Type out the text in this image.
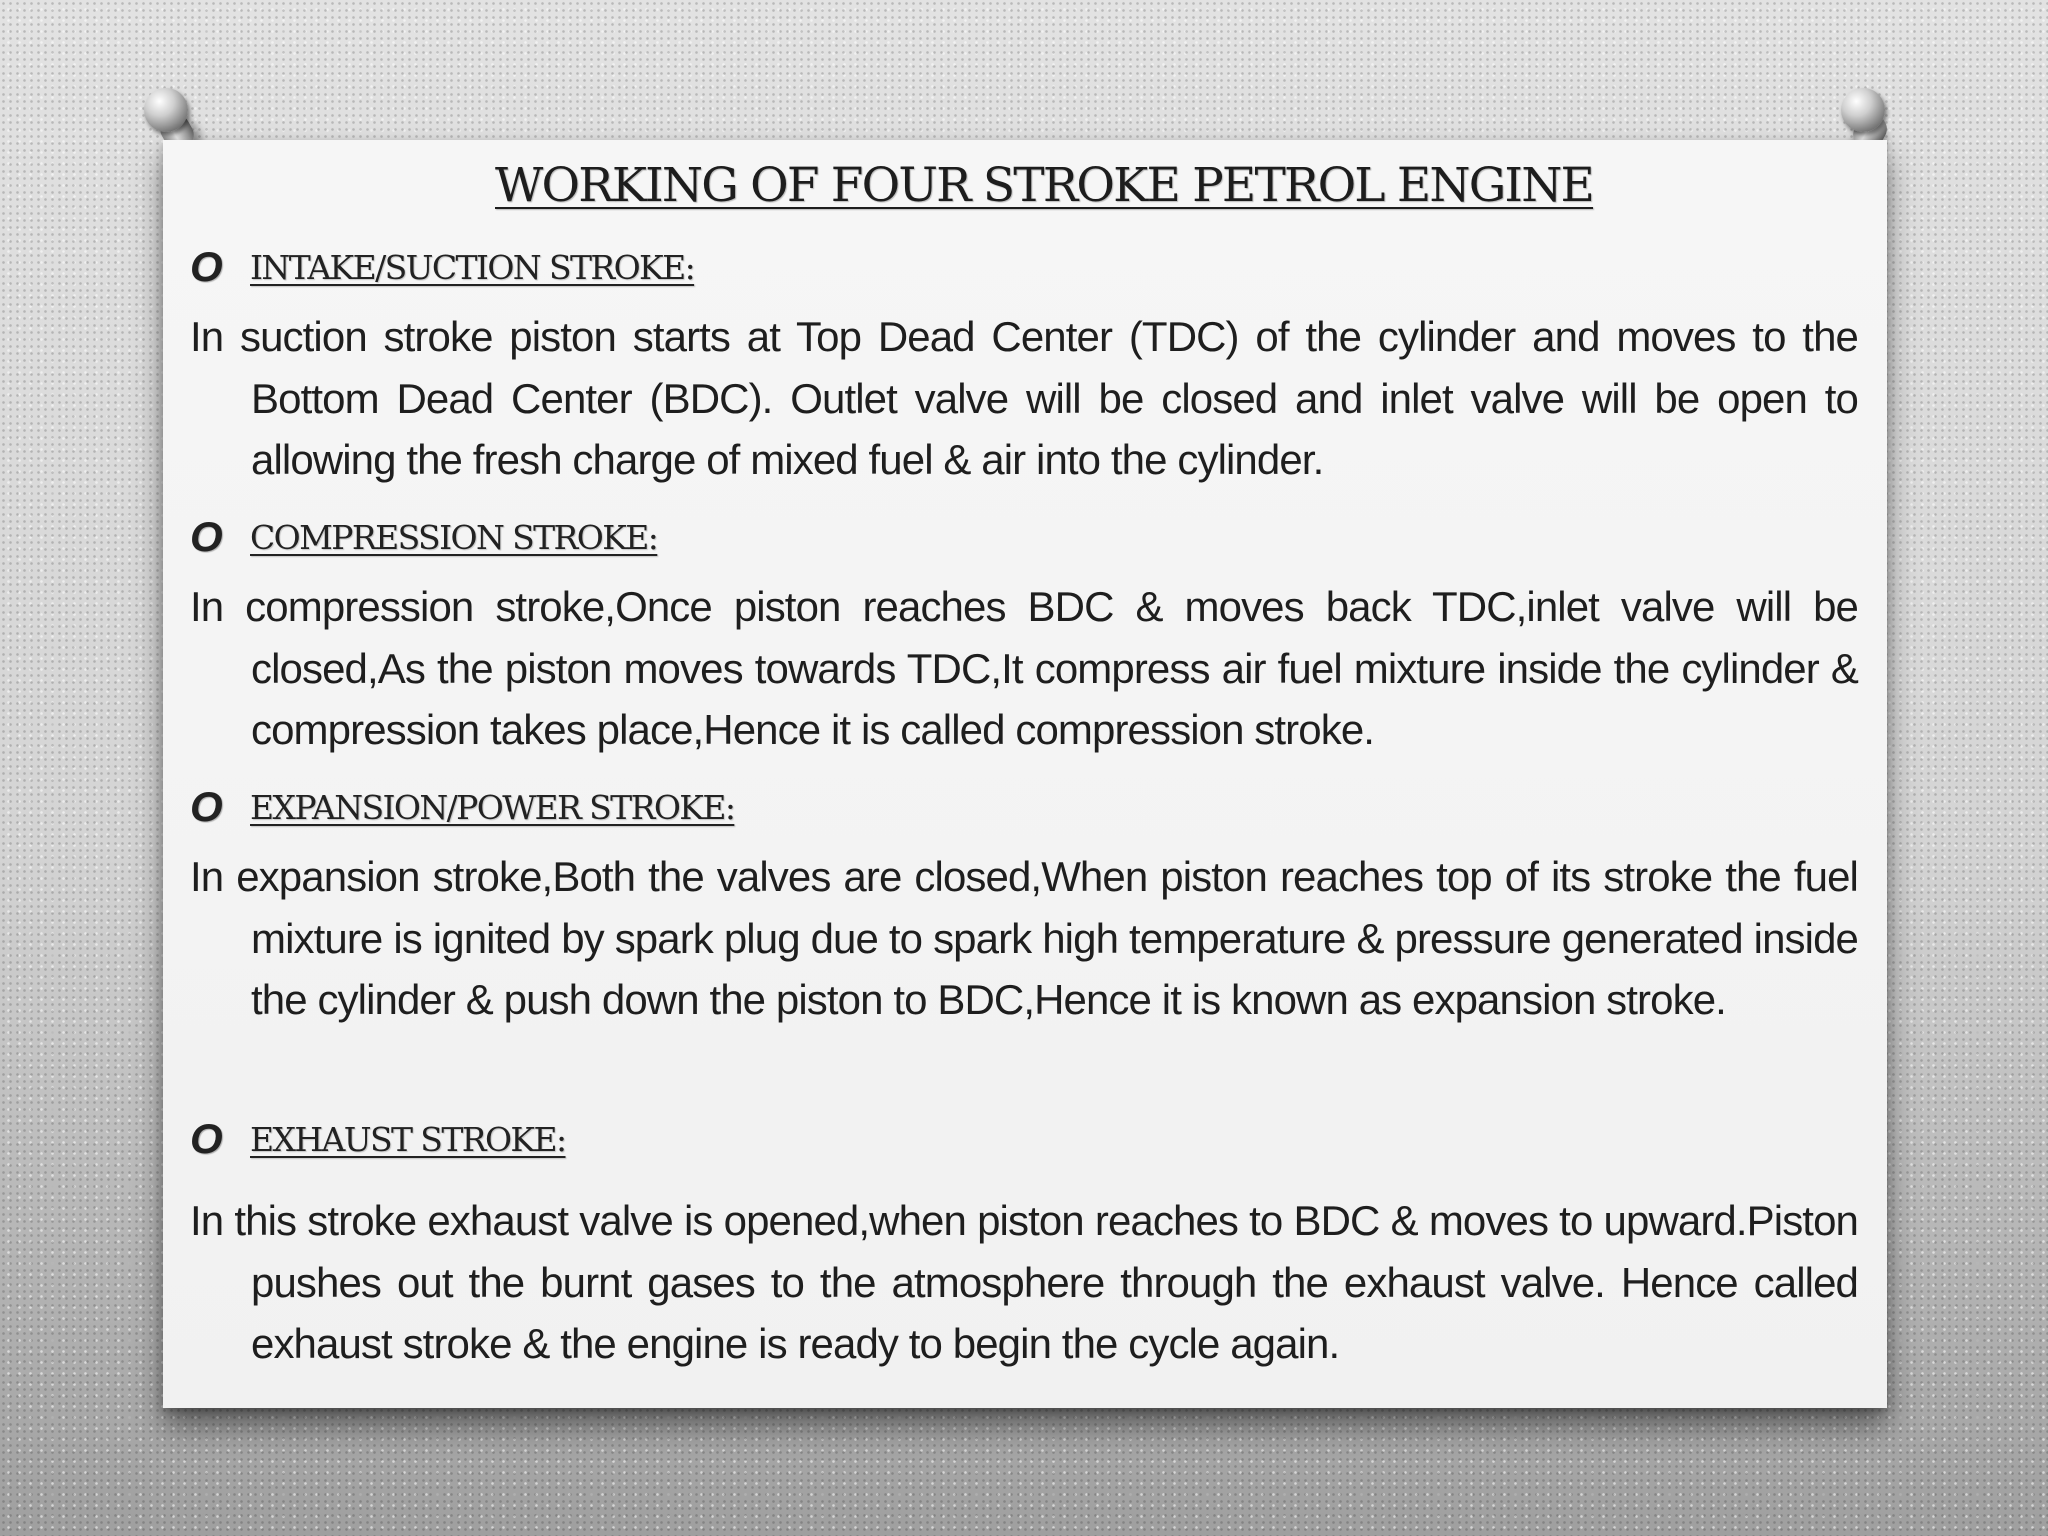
WORKING OF FOUR STROKE PETROL ENGINE
O INTAKE/SUCTION STROKE:

In suction stroke piston starts at Top Dead Center (TDC) of the cylinder and moves to the Bottom Dead Center (BDC). Outlet valve will be closed and inlet valve will be open to allowing the fresh charge of mixed fuel & air into the cylinder.

O COMPRESSION STROKE:

In compression stroke,Once piston reaches BDC & moves back TDC,inlet valve will be closed,As the piston moves towards TDC,It compress air fuel mixture inside the cylinder & compression takes place,Hence it is called compression stroke.

O EXPANSION/POWER STROKE:

In expansion stroke,Both the valves are closed,When piston reaches top of its stroke the fuel mixture is ignited by spark plug due to spark high temperature & pressure generated inside the cylinder & push down the piston to BDC,Hence it is known as expansion stroke.

O EXHAUST STROKE:

In this stroke exhaust valve is opened,when piston reaches to BDC & moves to upward.Piston pushes out the burnt gases to the atmosphere through the exhaust valve. Hence called exhaust stroke & the engine is ready to begin the cycle again.
